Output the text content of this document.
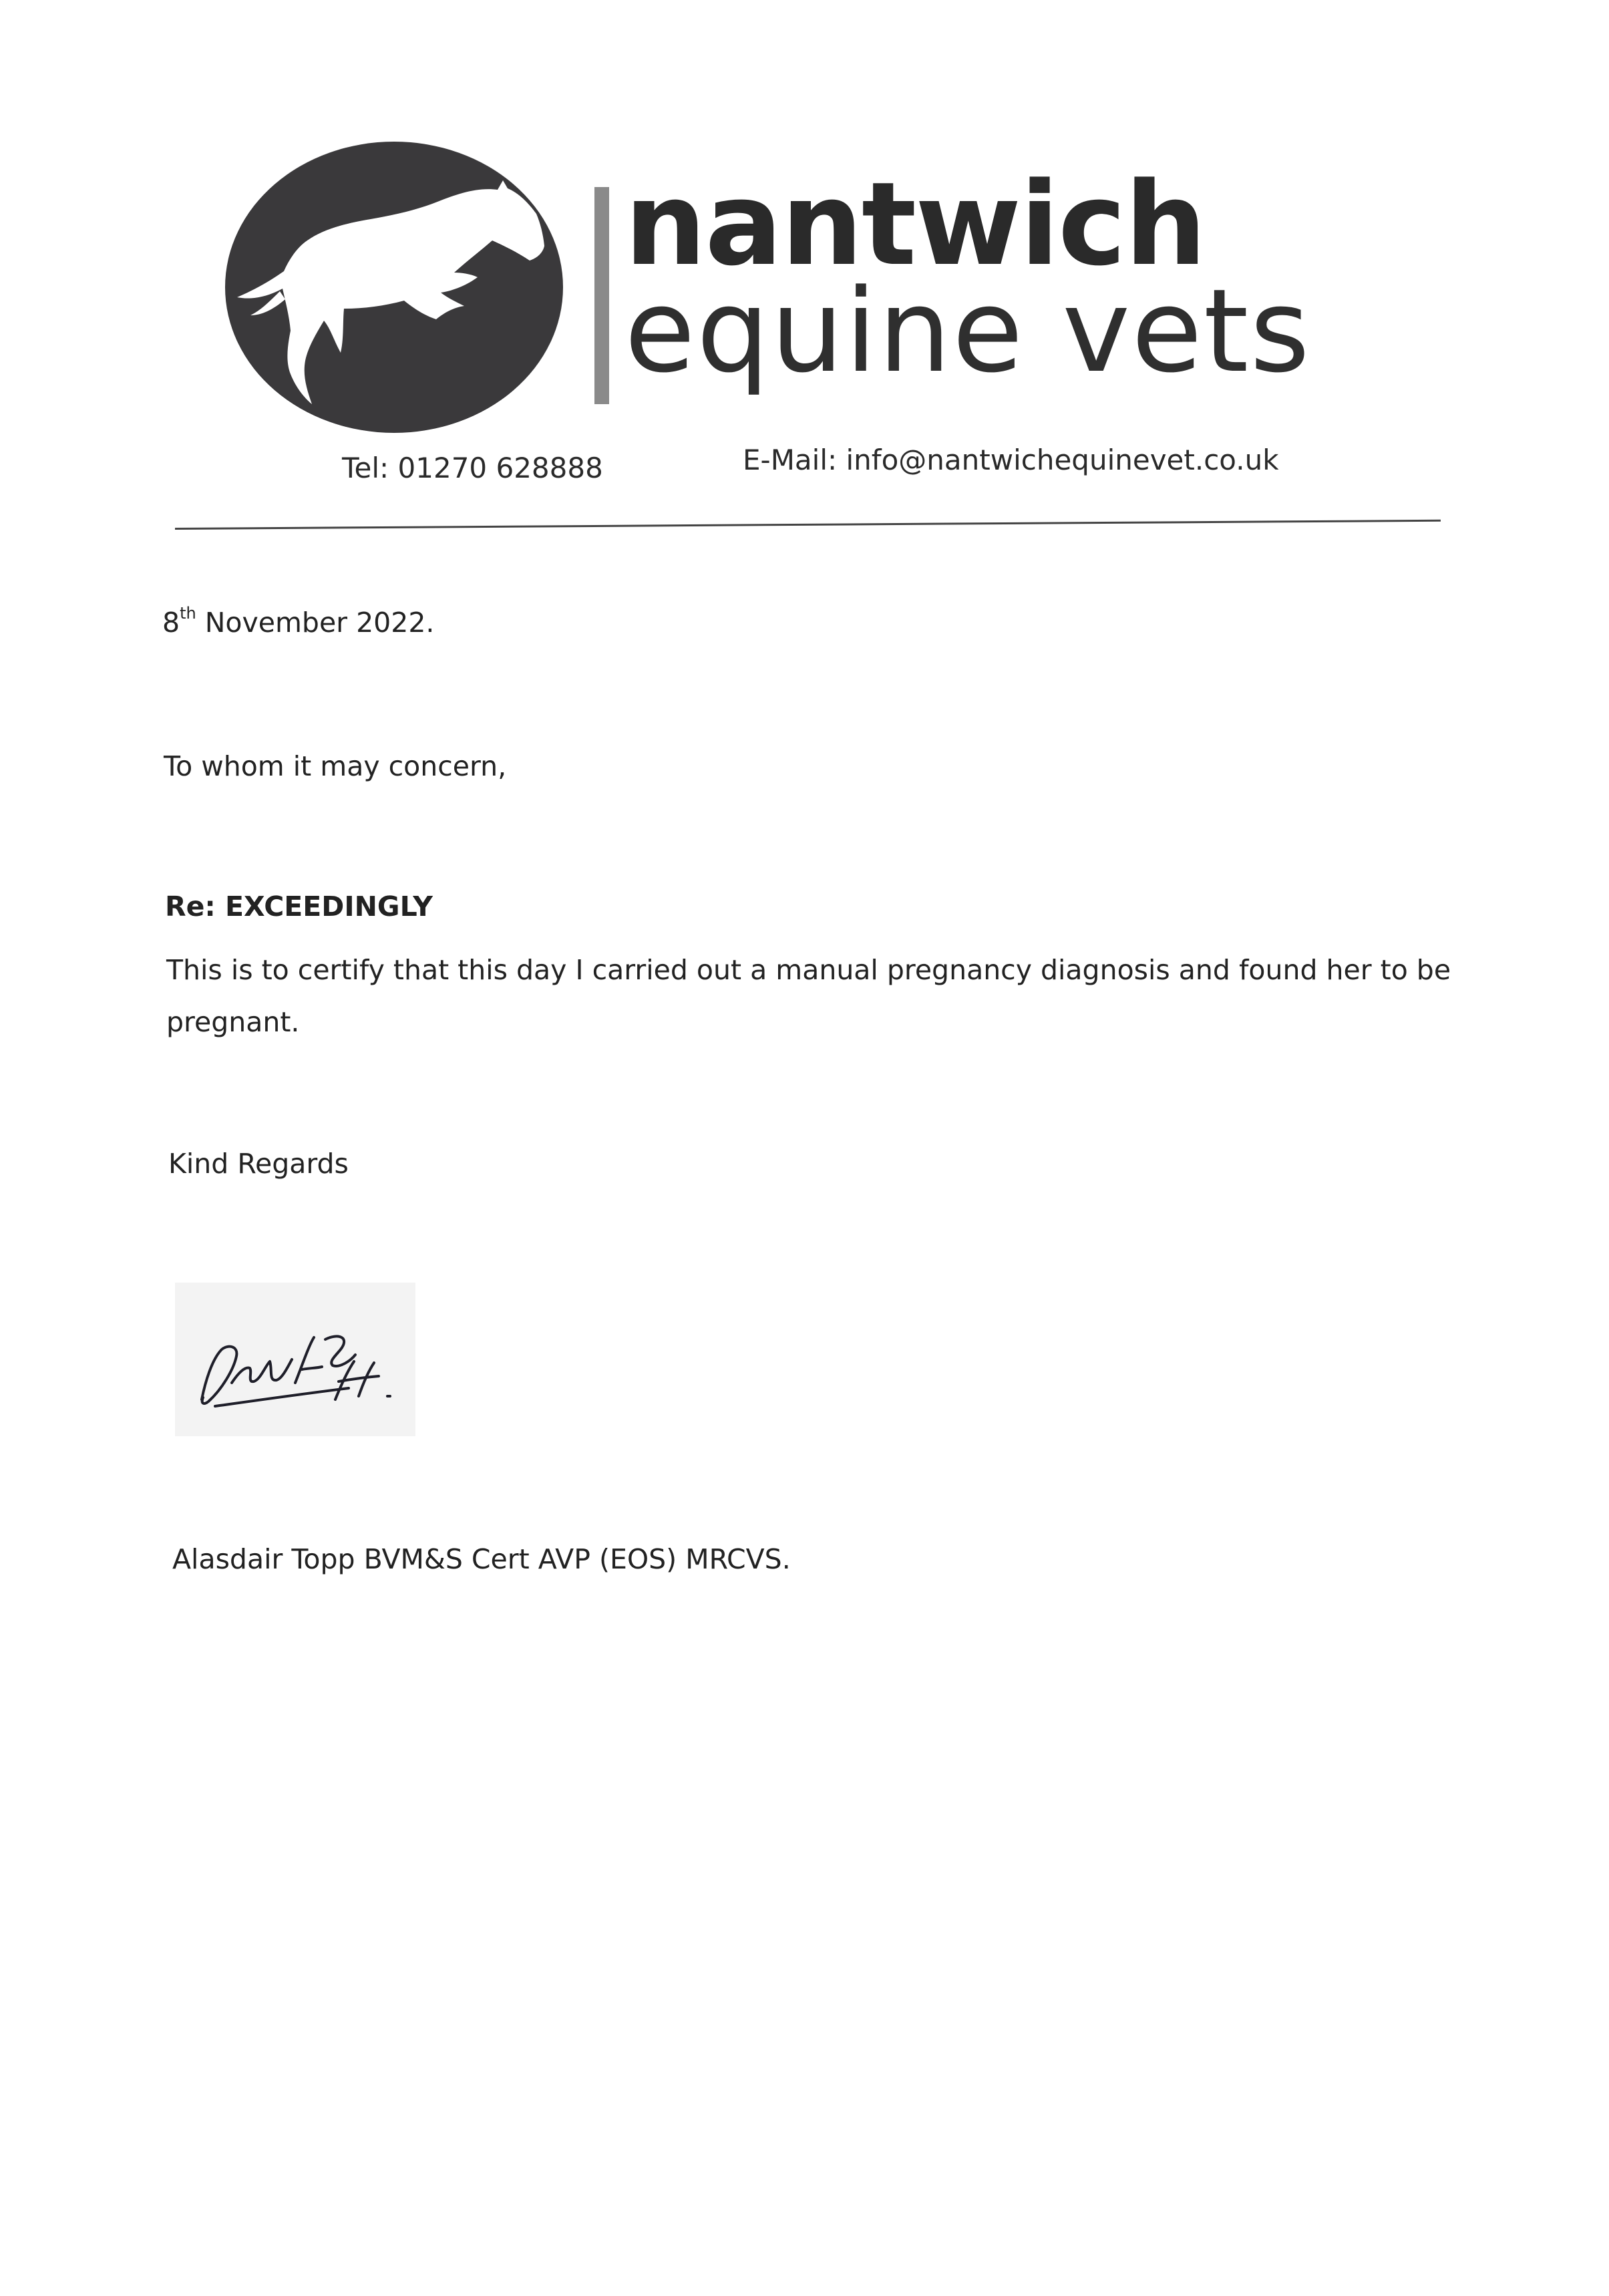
nantwich
equine vets
Tel: 01270 628888	E-Mail: info@nantwichequinevet.co.uk
8th November 2022.
To whom it may concern,
Re: EXCEEDINGLY
This is to certify that this day I carried out a manual pregnancy diagnosis and found her to be
pregnant.
Kind Regards
Alasdair Topp BVM&S Cert AVP (EOS) MRCVS.
